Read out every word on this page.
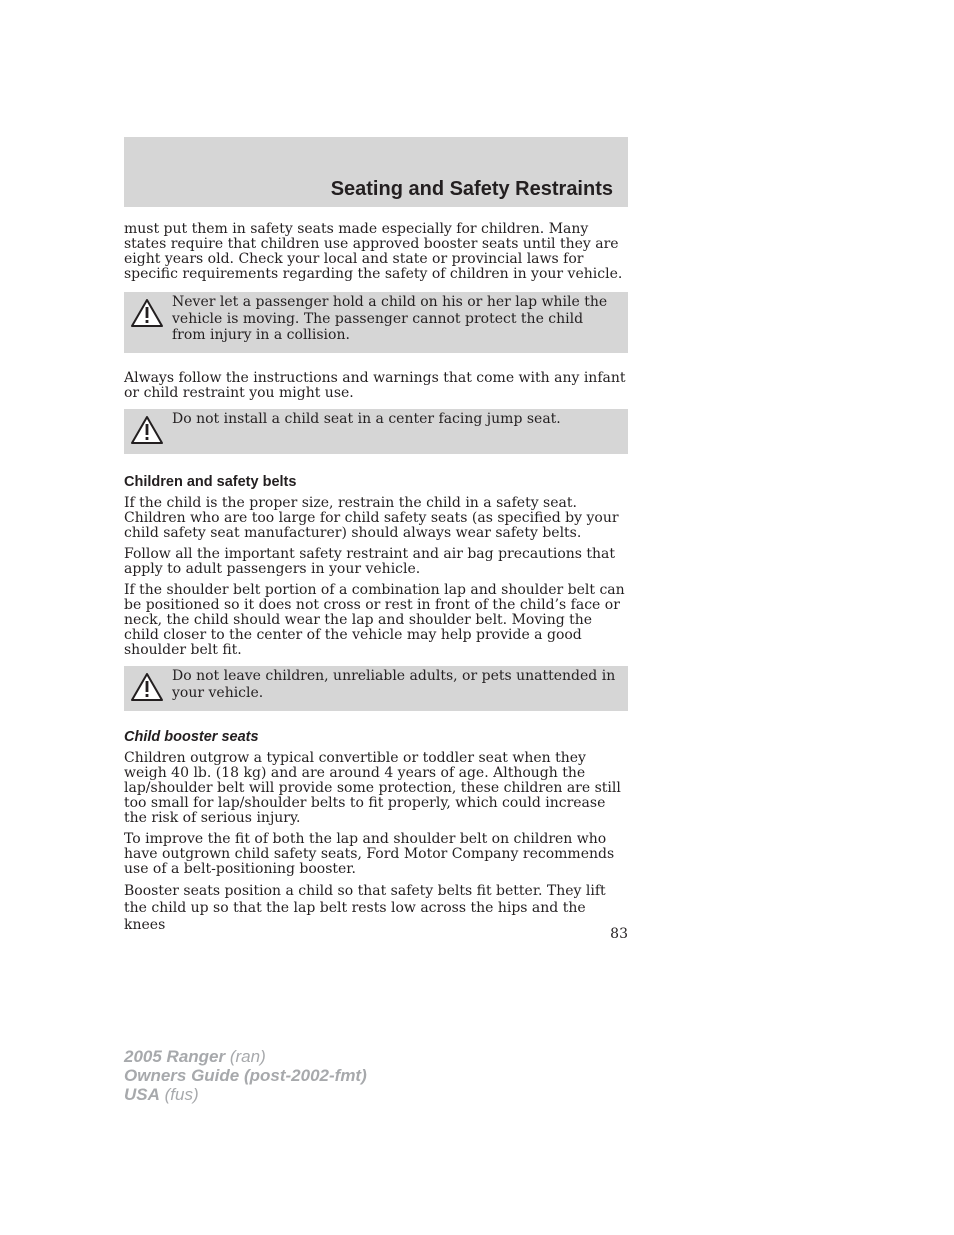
Seating and Safety Restraints

must put them in safety seats made especially for children. Many states require that children use approved booster seats until they are eight years old. Check your local and state or provincial laws for specific requirements regarding the safety of children in your vehicle.

Never let a passenger hold a child on his or her lap while the vehicle is moving. The passenger cannot protect the child from injury in a collision.

Always follow the instructions and warnings that come with any infant or child restraint you might use.

Do not install a child seat in a center facing jump seat.

Children and safety belts

If the child is the proper size, restrain the child in a safety seat. Children who are too large for child safety seats (as specified by your child safety seat manufacturer) should always wear safety belts.

Follow all the important safety restraint and air bag precautions that apply to adult passengers in your vehicle.

If the shoulder belt portion of a combination lap and shoulder belt can be positioned so it does not cross or rest in front of the child’s face or neck, the child should wear the lap and shoulder belt. Moving the child closer to the center of the vehicle may help provide a good shoulder belt fit.

Do not leave children, unreliable adults, or pets unattended in your vehicle.

Child booster seats

Children outgrow a typical convertible or toddler seat when they weigh 40 lb. (18 kg) and are around 4 years of age. Although the lap/shoulder belt will provide some protection, these children are still too small for lap/shoulder belts to fit properly, which could increase the risk of serious injury.

To improve the fit of both the lap and shoulder belt on children who have outgrown child safety seats, Ford Motor Company recommends use of a belt-positioning booster.

Booster seats position a child so that safety belts fit better. They lift the child up so that the lap belt rests low across the hips and the knees

83

2005 Ranger (ran)
Owners Guide (post-2002-fmt)
USA (fus)
